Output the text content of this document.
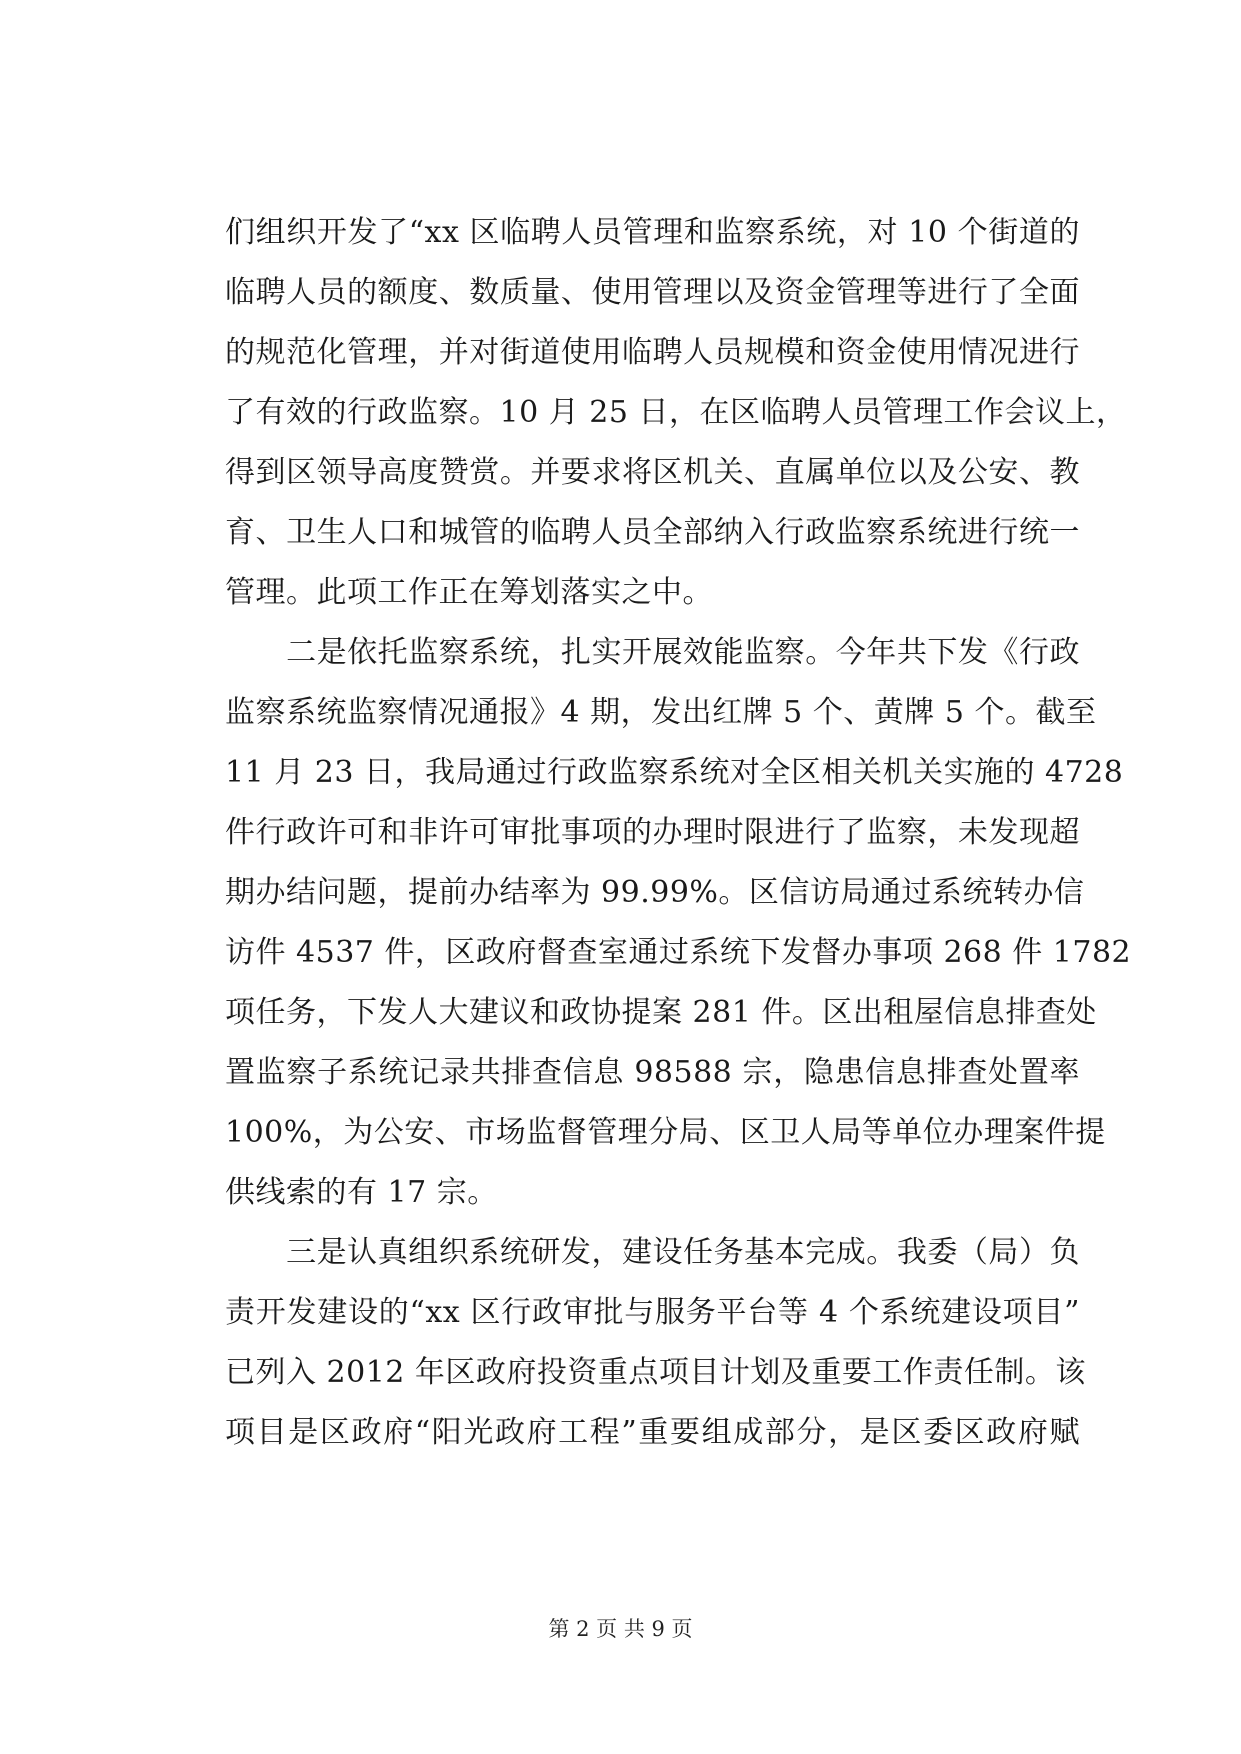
们组织开发了“xx 区临聘人员管理和监察系统，对 10 个街道的
临聘人员的额度、数质量、使用管理以及资金管理等进行了全面
的规范化管理，并对街道使用临聘人员规模和资金使用情况进行
了有效的行政监察。10 月 25 日，在区临聘人员管理工作会议上，
得到区领导高度赞赏。并要求将区机关、直属单位以及公安、教
育、卫生人口和城管的临聘人员全部纳入行政监察系统进行统一
管理。此项工作正在筹划落实之中。
　　二是依托监察系统，扎实开展效能监察。今年共下发《行政
监察系统监察情况通报》4 期，发出红牌 5 个、黄牌 5 个。截至
11 月 23 日，我局通过行政监察系统对全区相关机关实施的 4728
件行政许可和非许可审批事项的办理时限进行了监察，未发现超
期办结问题，提前办结率为 99.99%。区信访局通过系统转办信
访件 4537 件，区政府督查室通过系统下发督办事项 268 件 1782
项任务，下发人大建议和政协提案 281 件。区出租屋信息排查处
置监察子系统记录共排查信息 98588 宗，隐患信息排查处置率
100%，为公安、市场监督管理分局、区卫人局等单位办理案件提
供线索的有 17 宗。
　　三是认真组织系统研发，建设任务基本完成。我委（局）负
责开发建设的“xx 区行政审批与服务平台等 4 个系统建设项目”
已列入 2012 年区政府投资重点项目计划及重要工作责任制。该
项目是区政府“阳光政府工程”重要组成部分，是区委区政府赋
第 2 页 共 9 页
